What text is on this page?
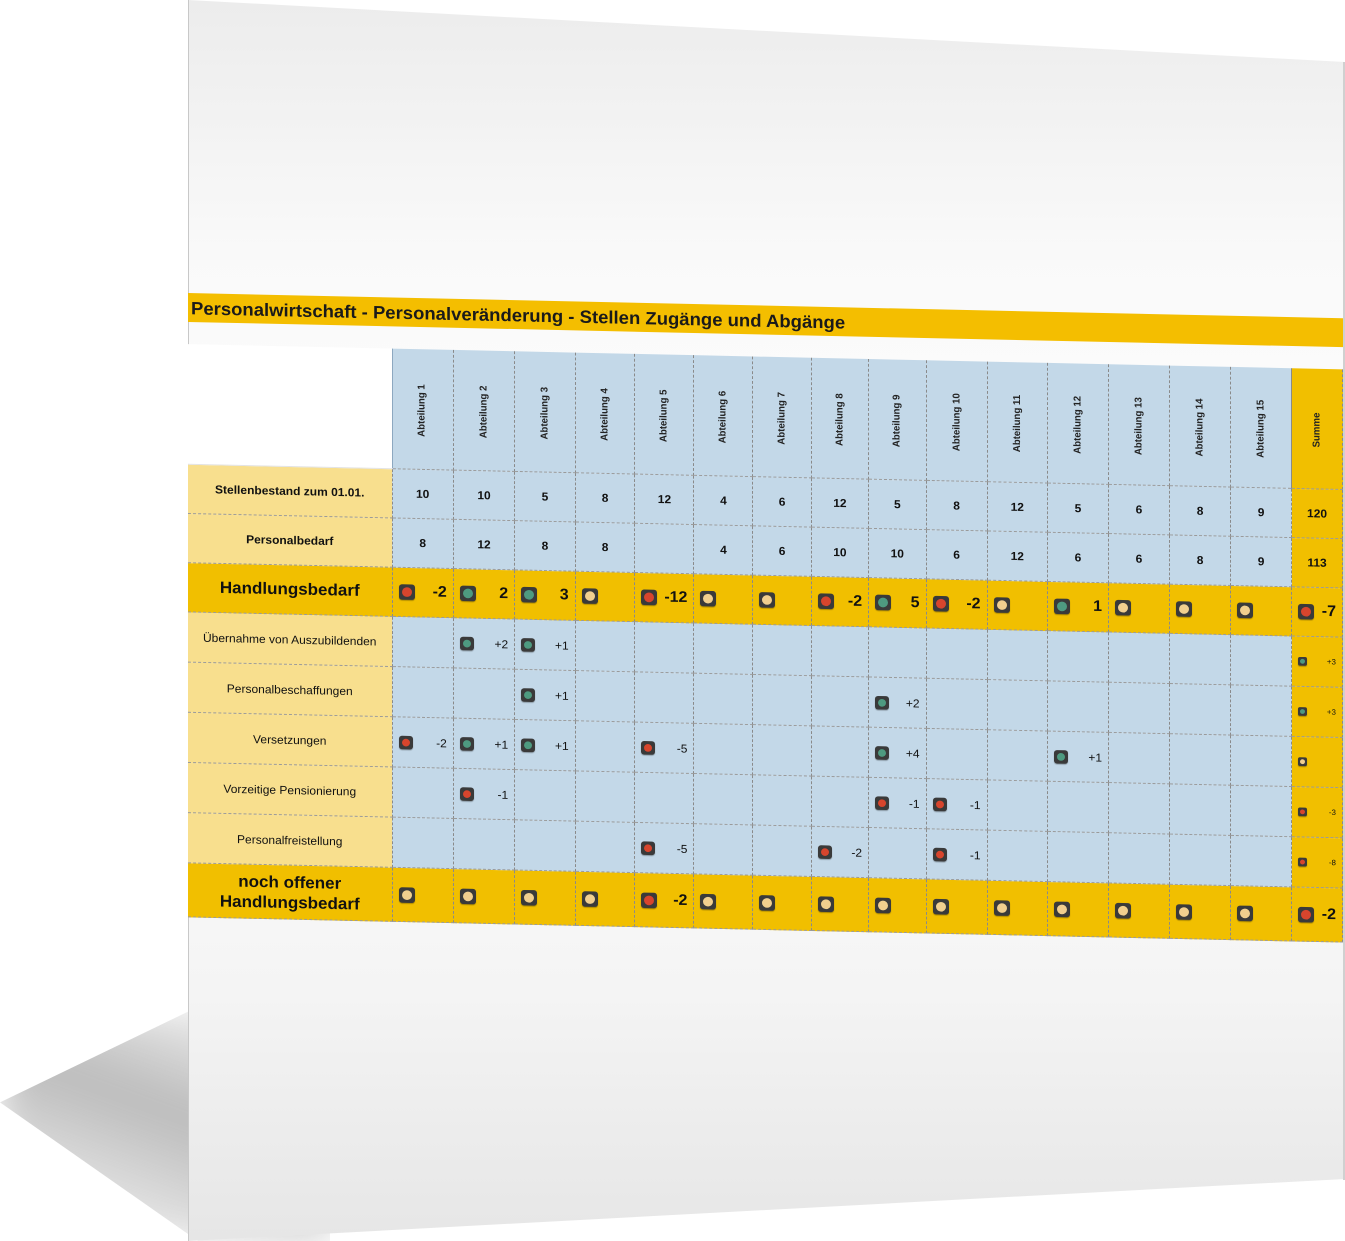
Personalwirtschaft - Personalveränderung - Stellen Zugänge und Abgänge
	Abteilung 1	Abteilung 2	Abteilung 3	Abteilung 4	Abteilung 5	Abteilung 6	Abteilung 7	Abteilung 8	Abteilung 9	Abteilung 10	Abteilung 11	Abteilung 12	Abteilung 13	Abteilung 14	Abteilung 15	Summe
Stellenbestand zum 01.01.	10	10	5	8	12	4	6	12	5	8	12	5	6	8	9	120
Personalbedarf	8	12	8	8		4	6	10	10	6	12	6	6	8	9	113
Handlungsbedarf	-2	2	3		-12			-2	5	-2		1				-7

Übernahme von Auszubildenden		+2	+1													+3

Personalbeschaffungen			+1						+2							+3

Versetzungen	-2	+1	+1		-5				+4			+1				

Vorzeitige Pensionierung		-1							-1	-1						-3

Personalfreistellung					-5			-2		-1						-8

noch offener Handlungsbedarf					-2											-2
